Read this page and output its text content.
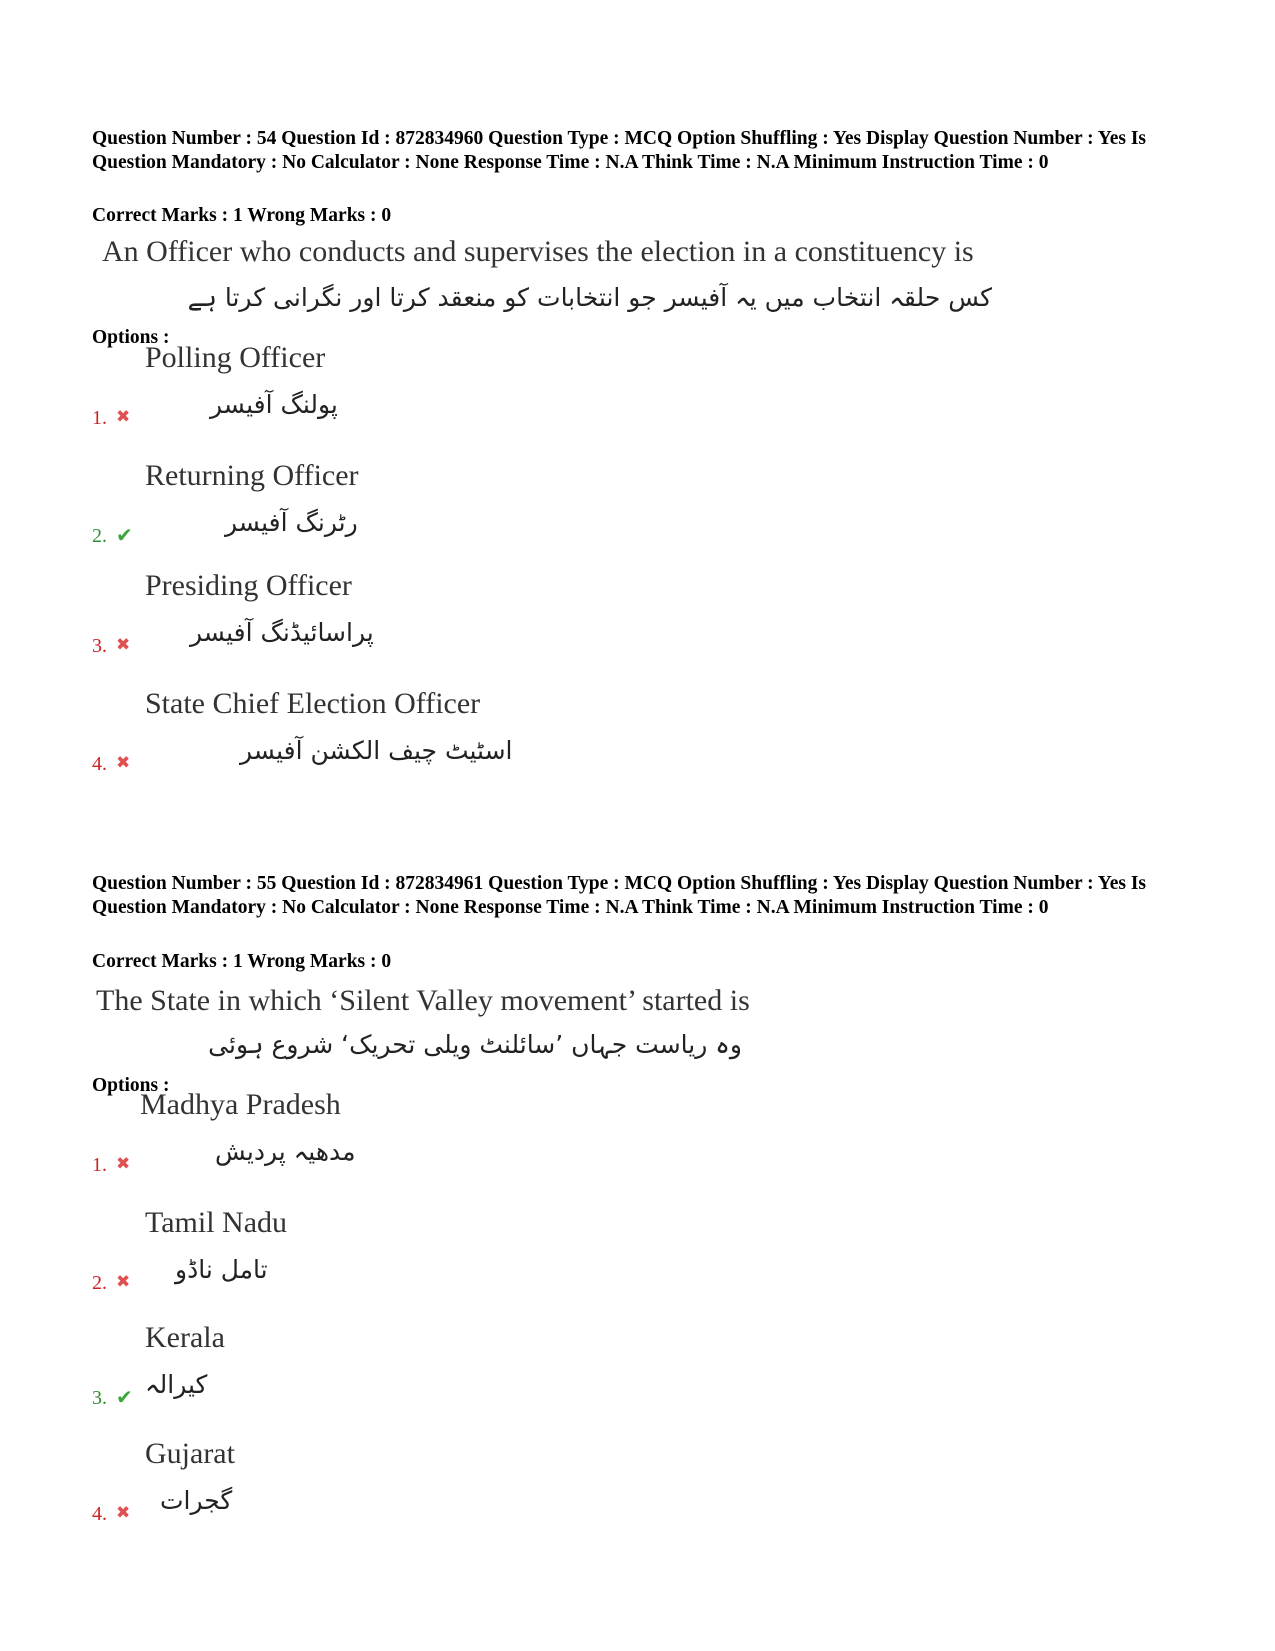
Question Number : 54 Question Id : 872834960 Question Type : MCQ Option Shuffling : Yes Display Question Number : Yes Is Question Mandatory : No Calculator : None Response Time : N.A Think Time : N.A Minimum Instruction Time : 0
Correct Marks : 1 Wrong Marks : 0
An Officer who conducts and supervises the election in a constituency is
کس حلقہ انتخاب میں یہ آفیسر جو انتخابات کو منعقد کرتا اور نگرانی کرتا ہے
Options :
Polling Officer
پولنگ آفیسر
1. ✖
Returning Officer
رٹرنگ آفیسر
2. ✔
Presiding Officer
پراسائیڈنگ آفیسر
3. ✖
State Chief Election Officer
اسٹیٹ چیف الکشن آفیسر
4. ✖
Question Number : 55 Question Id : 872834961 Question Type : MCQ Option Shuffling : Yes Display Question Number : Yes Is Question Mandatory : No Calculator : None Response Time : N.A Think Time : N.A Minimum Instruction Time : 0
Correct Marks : 1 Wrong Marks : 0
The State in which ‘Silent Valley movement’ started is
وہ ریاست جہاں ’سائلنٹ ویلی تحریک‘ شروع ہوئی
Options :
Madhya Pradesh
مدھیہ پردیش
1. ✖
Tamil Nadu
تامل ناڈو
2. ✖
Kerala
کیرالہ
3. ✔
Gujarat
گجرات
4. ✖
